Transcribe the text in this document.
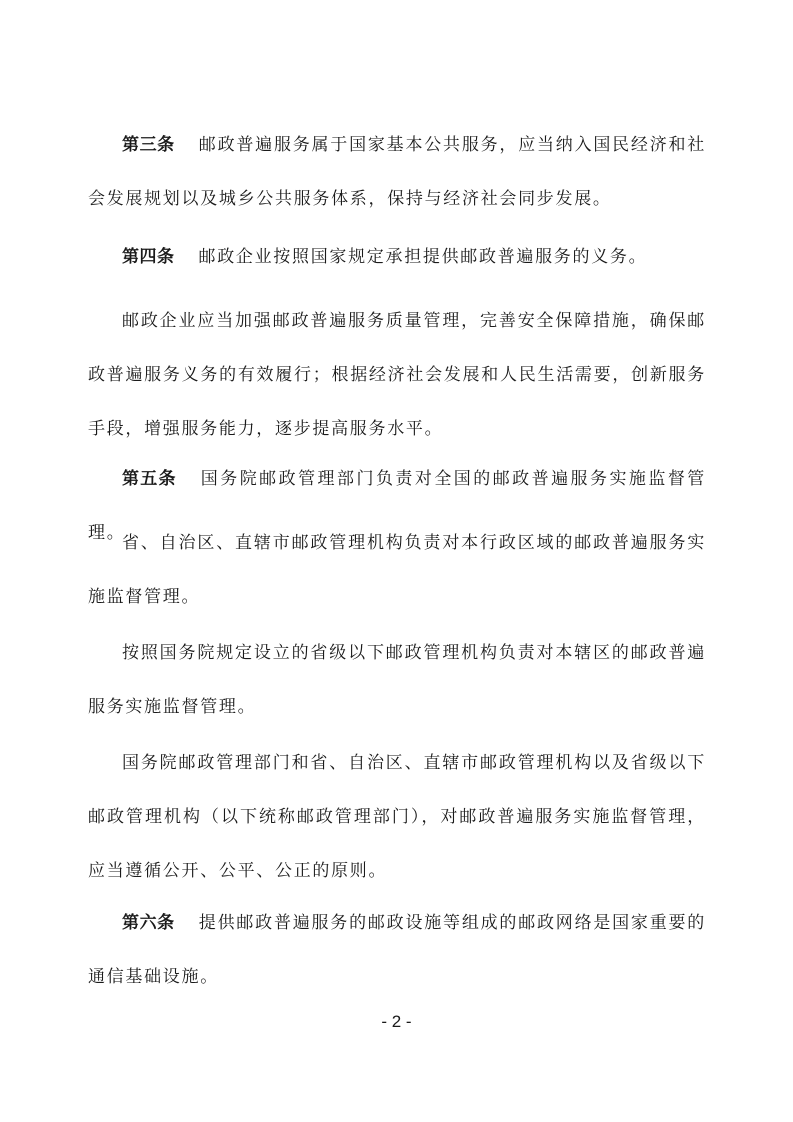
第三条 邮政普遍服务属于国家基本公共服务，应当纳入国民经济和社会发展规划以及城乡公共服务体系，保持与经济社会同步发展。

第四条 邮政企业按照国家规定承担提供邮政普遍服务的义务。

邮政企业应当加强邮政普遍服务质量管理，完善安全保障措施，确保邮政普遍服务义务的有效履行；根据经济社会发展和人民生活需要，创新服务手段，增强服务能力，逐步提高服务水平。

第五条 国务院邮政管理部门负责对全国的邮政普遍服务实施监督管理。

省、自治区、直辖市邮政管理机构负责对本行政区域的邮政普遍服务实施监督管理。

按照国务院规定设立的省级以下邮政管理机构负责对本辖区的邮政普遍服务实施监督管理。

国务院邮政管理部门和省、自治区、直辖市邮政管理机构以及省级以下邮政管理机构（以下统称邮政管理部门），对邮政普遍服务实施监督管理，应当遵循公开、公平、公正的原则。

第六条 提供邮政普遍服务的邮政设施等组成的邮政网络是国家重要的通信基础设施。

- 2 -
